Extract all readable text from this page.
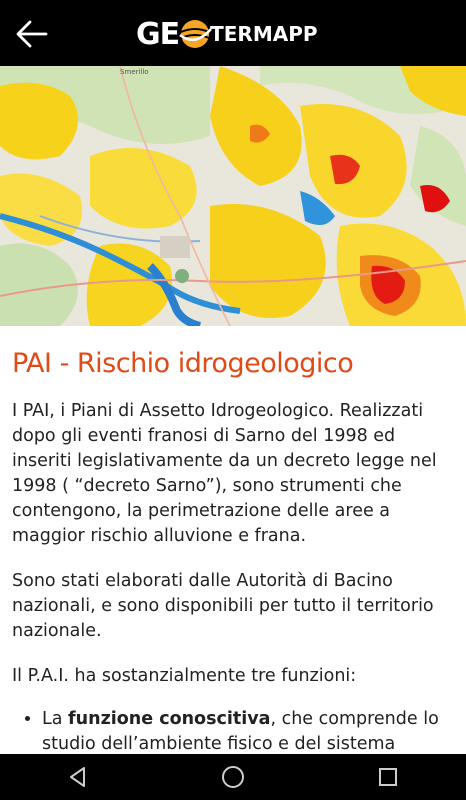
GE TERMAPP
Smerillo
PAI - Rischio idrogeologico

I PAI, i Piani di Assetto Idrogeologico. Realizzati dopo gli eventi franosi di Sarno del 1998 ed inseriti legislativamente da un decreto legge nel 1998 ( “decreto Sarno”), sono strumenti che contengono, la perimetrazione delle aree a maggior rischio alluvione e frana.

Sono stati elaborati dalle Autorità di Bacino nazionali, e sono disponibili per tutto il territorio nazionale.

Il P.A.I. ha sostanzialmente tre funzioni:

• La funzione conoscitiva, che comprende lo studio dell’ambiente fisico e del sistema
